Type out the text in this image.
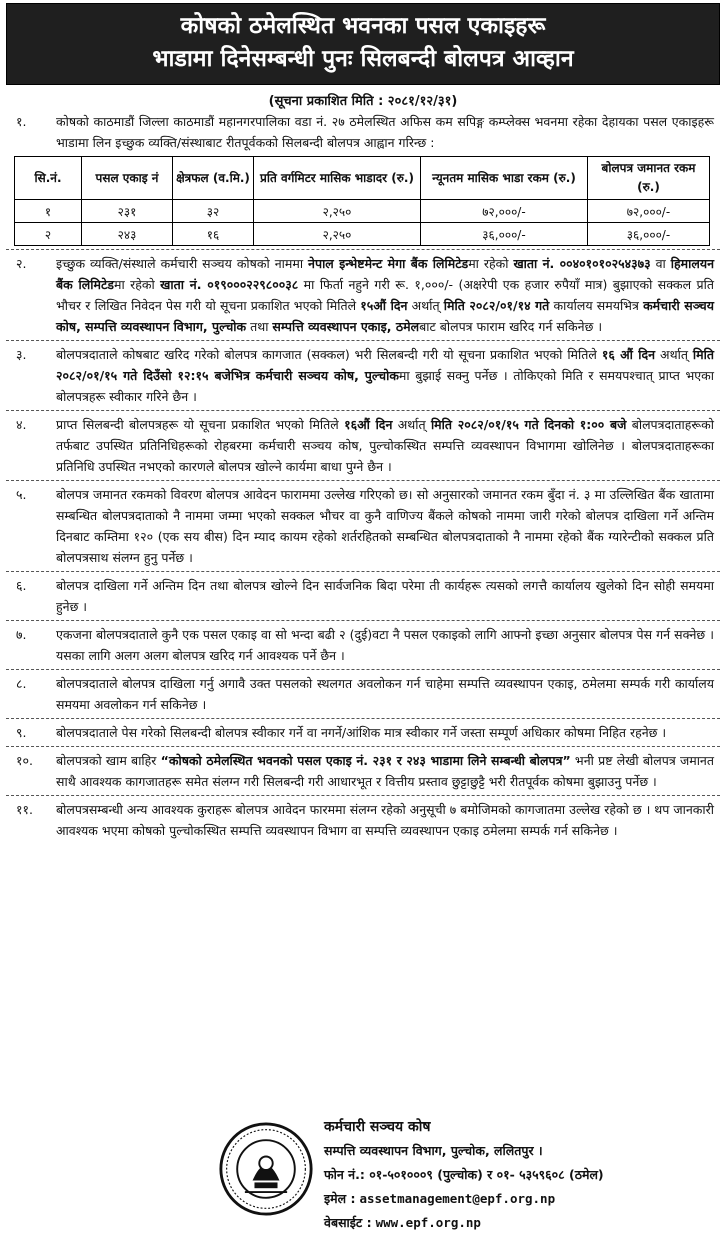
कोषको ठमेलस्थित भवनका पसल एकाइहरू
भाडामा दिनेसम्बन्धी पुनः सिलबन्दी बोलपत्र आव्हान
(सूचना प्रकाशित मिति : २०८१/१२/३१)
१.	कोषको काठमाडौं जिल्ला काठमाडौं महानगरपालिका वडा नं. २७ ठमेलस्थित अफिस कम सपिङ्ग कम्प्लेक्स भवनमा रहेका देहायका पसल एकाइहरू भाडामा लिन इच्छुक व्यक्ति/संस्थाबाट रीतपूर्वकको सिलबन्दी बोलपत्र आह्वान गरिन्छ :
सि.नं.	पसल एकाइ नं	क्षेत्रफल (व.मि.)	प्रति वर्गमिटर मासिक भाडादर (रु.)	न्यूनतम मासिक भाडा रकम (रु.)	बोलपत्र जमानत रकम (रु.)
१	२३१	३२	२,२५०	७२,०००/-	७२,०००/-
२	२४३	१६	२,२५०	३६,०००/-	३६,०००/-
२.	इच्छुक व्यक्ति/संस्थाले कर्मचारी सञ्चय कोषको नाममा नेपाल इन्भेष्टमेन्ट मेगा बैंक लिमिटेडमा रहेको खाता नं. ००४०१०१०२५४३७३ वा हिमालयन बैंक लिमिटेडमा रहेको खाता नं. ०१९०००२२९८००३८ मा फिर्ता नहुने गरी रू. १,०००/- (अक्षरेपी एक हजार रुपैयाँ मात्र) बुझाएको सक्कल प्रति भौचर र लिखित निवेदन पेस गरी यो सूचना प्रकाशित भएको मितिले १५औं दिन अर्थात् मिति २०८२/०१/१४ गते कार्यालय समयभित्र कर्मचारी सञ्चय कोष, सम्पत्ति व्यवस्थापन विभाग, पुल्चोक तथा सम्पत्ति व्यवस्थापन एकाइ, ठमेलबाट बोलपत्र फाराम खरिद गर्न सकिनेछ ।
३.	बोलपत्रदाताले कोषबाट खरिद गरेको बोलपत्र कागजात (सक्कल) भरी सिलबन्दी गरी यो सूचना प्रकाशित भएको मितिले १६ औं दिन अर्थात् मिति २०८२/०१/१५ गते दिउँसो १२:१५ बजेभित्र कर्मचारी सञ्चय कोष, पुल्चोकमा बुझाई सक्नु पर्नेछ । तोकिएको मिति र समयपश्चात् प्राप्त भएका बोलपत्रहरू स्वीकार गरिने छैन ।
४.	प्राप्त सिलबन्दी बोलपत्रहरू यो सूचना प्रकाशित भएको मितिले १६औं दिन अर्थात् मिति २०८२/०१/१५ गते दिनको १:०० बजे बोलपत्रदाताहरूको तर्फबाट उपस्थित प्रतिनिधिहरूको रोहबरमा कर्मचारी सञ्चय कोष, पुल्चोकस्थित सम्पत्ति व्यवस्थापन विभागमा खोलिनेछ । बोलपत्रदाताहरूका प्रतिनिधि उपस्थित नभएको कारणले बोलपत्र खोल्ने कार्यमा बाधा पुग्ने छैन ।
५.	बोलपत्र जमानत रकमको विवरण बोलपत्र आवेदन फाराममा उल्लेख गरिएको छ। सो अनुसारको जमानत रकम बुँदा नं. ३ मा उल्लिखित बैंक खातामा सम्बन्धित बोलपत्रदाताको नै नाममा जम्मा भएको सक्कल भौचर वा कुनै वाणिज्य बैंकले कोषको नाममा जारी गरेको बोलपत्र दाखिला गर्ने अन्तिम दिनबाट कम्तिमा १२० (एक सय बीस) दिन म्याद कायम रहेको शर्तरहितको सम्बन्धित बोलपत्रदाताको नै नाममा रहेको बैंक ग्यारेन्टीको सक्कल प्रति बोलपत्रसाथ संलग्न हुनु पर्नेछ ।
६.	बोलपत्र दाखिला गर्ने अन्तिम दिन तथा बोलपत्र खोल्ने दिन सार्वजनिक बिदा परेमा ती कार्यहरू त्यसको लगत्तै कार्यालय खुलेको दिन सोही समयमा हुनेछ ।
७.	एकजना बोलपत्रदाताले कुनै एक पसल एकाइ वा सो भन्दा बढी २ (दुई)वटा नै पसल एकाइको लागि आफ्नो इच्छा अनुसार बोलपत्र पेस गर्न सक्नेछ । यसका लागि अलग अलग बोलपत्र खरिद गर्न आवश्यक पर्ने छैन ।
८.	बोलपत्रदाताले बोलपत्र दाखिला गर्नु अगावै उक्त पसलको स्थलगत अवलोकन गर्न चाहेमा सम्पत्ति व्यवस्थापन एकाइ, ठमेलमा सम्पर्क गरी कार्यालय समयमा अवलोकन गर्न सकिनेछ ।
९.	बोलपत्रदाताले पेस गरेको सिलबन्दी बोलपत्र स्वीकार गर्ने वा नगर्ने/आंशिक मात्र स्वीकार गर्ने जस्ता सम्पूर्ण अधिकार कोषमा निहित रहनेछ ।
१०.	बोलपत्रको खाम बाहिर “कोषको ठमेलस्थित भवनको पसल एकाइ नं. २३१ र २४३ भाडामा लिने सम्बन्धी बोलपत्र” भनी प्रष्ट लेखी बोलपत्र जमानत साथै आवश्यक कागजातहरू समेत संलग्न गरी सिलबन्दी गरी आधारभूत र वित्तीय प्रस्ताव छुट्टाछुट्टै भरी रीतपूर्वक कोषमा बुझाउनु पर्नेछ ।
११.	बोलपत्रसम्बन्धी अन्य आवश्यक कुराहरू बोलपत्र आवेदन फारममा संलग्न रहेको अनुसूची ७ बमोजिमको कागजातमा उल्लेख रहेको छ । थप जानकारी आवश्यक भएमा कोषको पुल्चोकस्थित सम्पत्ति व्यवस्थापन विभाग वा सम्पत्ति व्यवस्थापन एकाइ ठमेलमा सम्पर्क गर्न सकिनेछ ।
कर्मचारी सञ्चय कोष
सम्पत्ति व्यवस्थापन विभाग, पुल्चोक, ललितपुर ।
फोन नं.: ०१-५०१०००९ (पुल्चोक) र ०१- ५३५९६०८ (ठमेल)
इमेल : assetmanagement@epf.org.np
वेबसाईट : www.epf.org.np
